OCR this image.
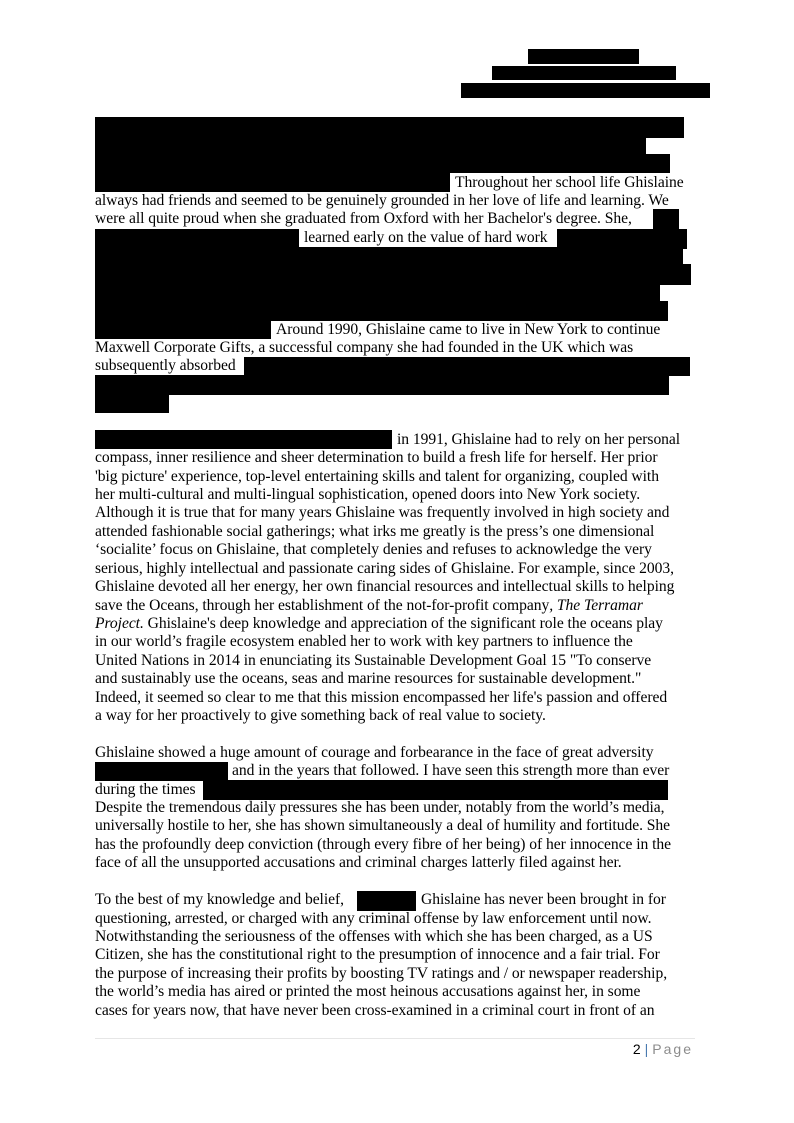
Throughout her school life Ghislaine
always had friends and seemed to be genuinely grounded in her love of life and learning. We
were all quite proud when she graduated from Oxford with her Bachelor's degree. She,
learned early on the value of hard work
Around 1990, Ghislaine came to live in New York to continue
Maxwell Corporate Gifts, a successful company she had founded in the UK which was
subsequently absorbed
in 1991, Ghislaine had to rely on her personal
compass, inner resilience and sheer determination to build a fresh life for herself. Her prior
'big picture' experience, top-level entertaining skills and talent for organizing, coupled with
her multi-cultural and multi-lingual sophistication, opened doors into New York society.
Although it is true that for many years Ghislaine was frequently involved in high society and
attended fashionable social gatherings; what irks me greatly is the press’s one dimensional
‘socialite’ focus on Ghislaine, that completely denies and refuses to acknowledge the very
serious, highly intellectual and passionate caring sides of Ghislaine. For example, since 2003,
Ghislaine devoted all her energy, her own financial resources and intellectual skills to helping
save the Oceans, through her establishment of the not-for-profit company, The Terramar
Project. Ghislaine's deep knowledge and appreciation of the significant role the oceans play
in our world’s fragile ecosystem enabled her to work with key partners to influence the
United Nations in 2014 in enunciating its Sustainable Development Goal 15 "To conserve
and sustainably use the oceans, seas and marine resources for sustainable development."
Indeed, it seemed so clear to me that this mission encompassed her life's passion and offered
a way for her proactively to give something back of real value to society.
Ghislaine showed a huge amount of courage and forbearance in the face of great adversity
and in the years that followed. I have seen this strength more than ever
during the times
Despite the tremendous daily pressures she has been under, notably from the world’s media,
universally hostile to her, she has shown simultaneously a deal of humility and fortitude. She
has the profoundly deep conviction (through every fibre of her being) of her innocence in the
face of all the unsupported accusations and criminal charges latterly filed against her.
To the best of my knowledge and belief,	Ghislaine has never been brought in for
questioning, arrested, or charged with any criminal offense by law enforcement until now.
Notwithstanding the seriousness of the offenses with which she has been charged, as a US
Citizen, she has the constitutional right to the presumption of innocence and a fair trial. For
the purpose of increasing their profits by boosting TV ratings and / or newspaper readership,
the world’s media has aired or printed the most heinous accusations against her, in some
cases for years now, that have never been cross-examined in a criminal court in front of an
2 | Page
